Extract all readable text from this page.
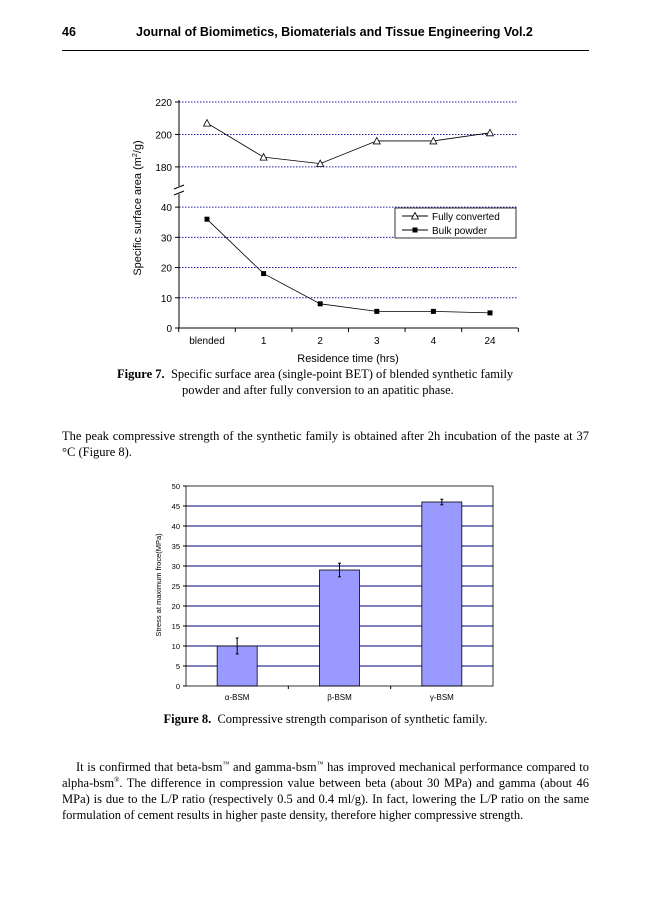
46	Journal of Biomimetics, Biomaterials and Tissue Engineering Vol.2
0
10
20
30
40
180
200
220
blended	1	2	3	4	24
Fully converted
Bulk powder
Residence time (hrs)
Specific surface area $(m^2/g)$
Figure 7. Specific surface area (single-point BET) of blended synthetic family
powder and after fully conversion to an apatitic phase.
The peak compressive strength of the synthetic family is obtained after 2h incubation of the paste at 37 °C (Figure 8).
0
5
10
15
20
25
30
35
40
45
50
α-BSM	β-BSM	γ-BSM
Stress at maximum froce(MPa)
Figure 8. Compressive strength comparison of synthetic family.
It is confirmed that beta-bsm™ and gamma-bsm™ has improved mechanical performance compared to alpha-bsm®. The difference in compression value between beta (about 30 MPa) and gamma (about 46 MPa) is due to the L/P ratio (respectively 0.5 and 0.4 ml/g). In fact, lowering the L/P ratio on the same formulation of cement results in higher paste density, therefore higher compressive strength.
